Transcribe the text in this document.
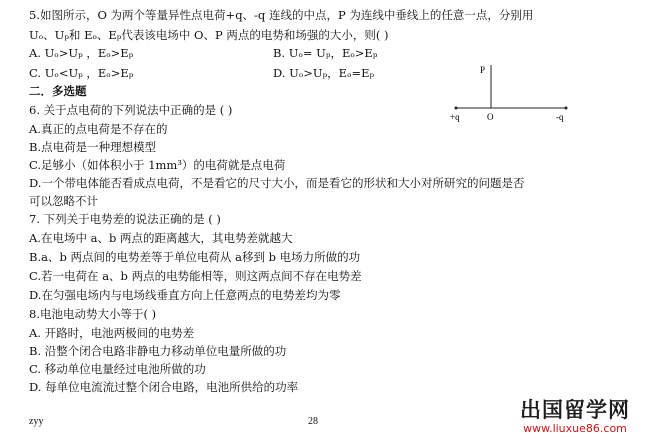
5.如图所示，O 为两个等量异性点电荷+q、-q 连线的中点，P 为连线中垂线上的任意一点，分别用
Uₒ、Uₚ和 Eₒ、Eₚ代表该电场中 O、P 两点的电势和场强的大小，则( )
A. Uₒ>Uₚ ，Eₒ>Eₚ	B. Uₒ= Uₚ，Eₒ>Eₚ
C. Uₒ<Uₚ ，Eₒ>Eₚ	D. Uₒ>Uₚ，Eₒ=Eₚ	P
+q	O	-q
二．多选题
6. 关于点电荷的下列说法中正确的是 ( )
A.真正的点电荷是不存在的
B.点电荷是一种理想模型
C.足够小（如体积小于 1mm³）的电荷就是点电荷
D.一个带电体能否看成点电荷，不是看它的尺寸大小，而是看它的形状和大小对所研究的问题是否
可以忽略不计
7. 下列关于电势差的说法正确的是 ( )
A.在电场中 a、b 两点的距离越大，其电势差就越大
B.a、b 两点间的电势差等于单位电荷从 a移到 b 电场力所做的功
C.若一电荷在 a、b 两点的电势能相等，则这两点间不存在电势差
D.在匀强电场内与电场线垂直方向上任意两点的电势差均为零
8.电池电动势大小等于( )
A. 开路时，电池两极间的电势差
B. 沿整个闭合电路非静电力移动单位电量所做的功
C. 移动单位电量经过电池所做的功
D. 每单位电流流过整个闭合电路，电池所供给的功率
zyy	28	出国留学网
www.liuxue86.com
